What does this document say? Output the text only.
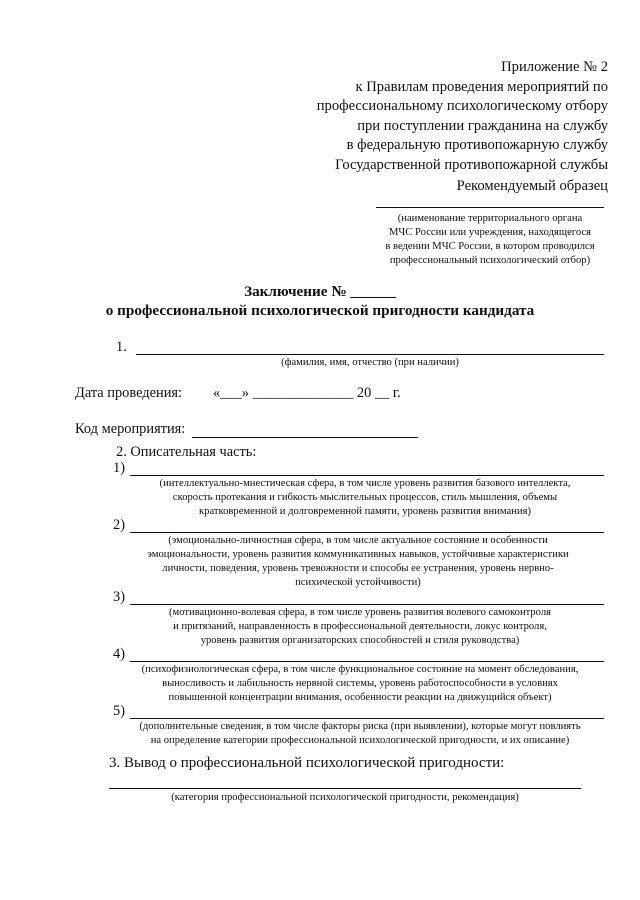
Приложение № 2
к Правилам проведения мероприятий по
профессиональному психологическому отбору
при поступлении гражданина на службу
в федеральную противопожарную службу
Государственной противопожарной службы
Рекомендуемый образец
(наименование территориального органа
МЧС России или учреждения, находящегося
в ведении МЧС России, в котором проводился
профессиональный психологический отбор)
Заключение № ______
о профессиональной психологической пригодности кандидата
1.
(фамилия, имя, отчество (при наличии)
Дата проведения: «___» ______________ 20 __ г.
Код мероприятия:
2. Описательная часть:
1)
(интеллектуально-мнестическая сфера, в том числе уровень развития базового интеллекта,
скорость протекания и гибкость мыслительных процессов, стиль мышления, объемы
кратковременной и долговременной памяти, уровень развития внимания)
2)
(эмоционально-личностная сфера, в том числе актуальное состояние и особенности
эмоциональности, уровень развития коммуникативных навыков, устойчивые характеристики
личности, поведения, уровень тревожности и способы ее устранения, уровень нервно-
психической устойчивости)
3)
(мотивационно-волевая сфера, в том числе уровень развития волевого самоконтроля
и притязаний, направленность в профессиональной деятельности, локус контроля,
уровень развития организаторских способностей и стиля руководства)
4)
(психофизиологическая сфера, в том числе функциональное состояние на момент обследования,
выносливость и лабильность нервной системы, уровень работоспособности в условиях
повышенной концентрации внимания, особенности реакции на движущийся объект)
5)
(дополнительные сведения, в том числе факторы риска (при выявлении), которые могут повлиять
на определение категории профессиональной психологической пригодности, и их описание)
3. Вывод о профессиональной психологической пригодности:
(категория профессиональной психологической пригодности, рекомендация)
